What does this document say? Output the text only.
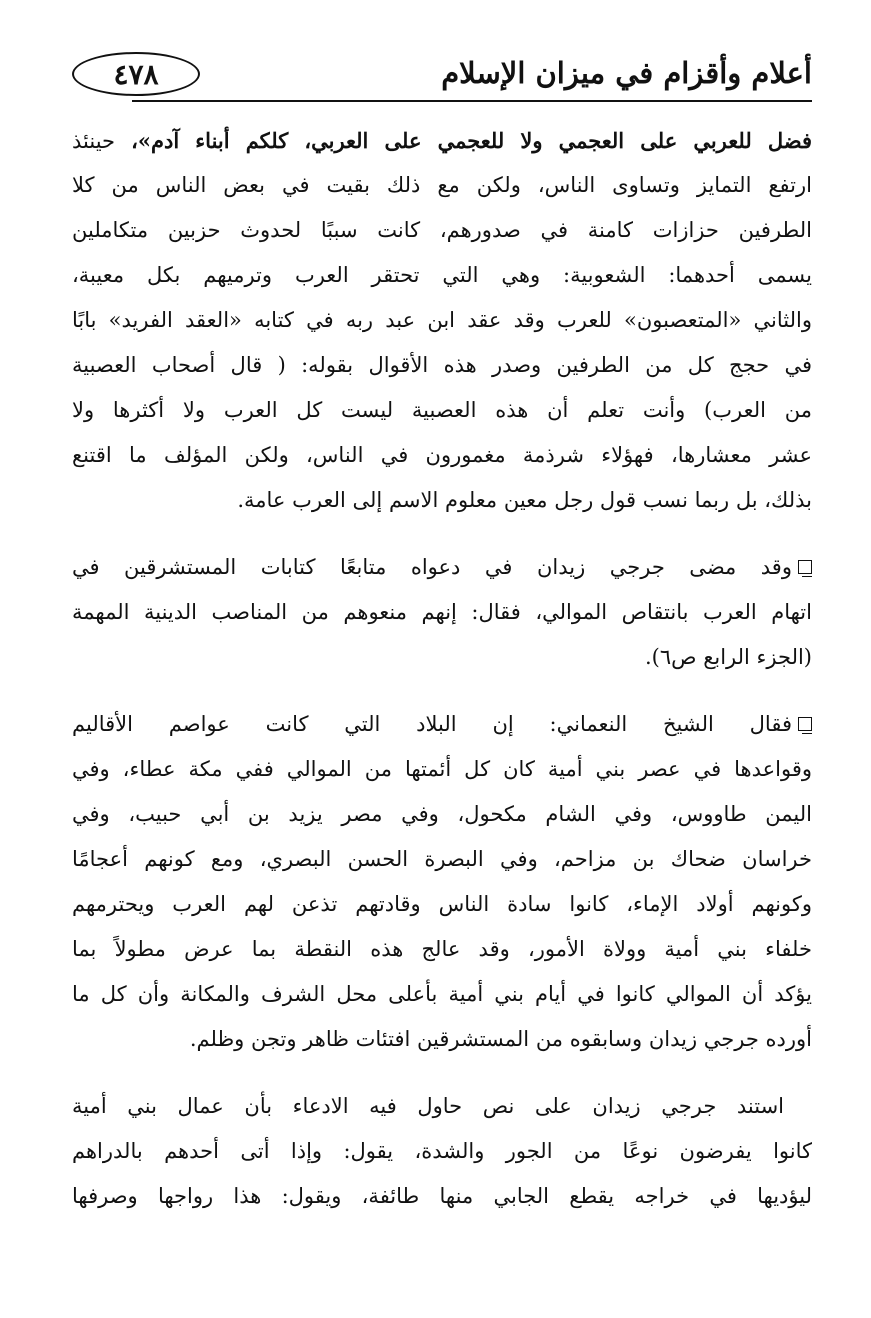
أعلام وأقزام في ميزان الإسلام
٤٧٨
فضل للعربي على العجمي ولا للعجمي على العربي، كلكم أبناء آدم»، حينئذ
ارتفع التمايز وتساوى الناس، ولكن مع ذلك بقيت في بعض الناس من كلا
الطرفين حزازات كامنة في صدورهم، كانت سببًا لحدوث حزبين متكاملين
يسمى أحدهما: الشعوبية: وهي التي تحتقر العرب وترميهم بكل معيبة،
والثاني «المتعصبون» للعرب وقد عقد ابن عبد ربه في كتابه «العقد الفريد» بابًا
في حجج كل من الطرفين وصدر هذه الأقوال بقوله: ( قال أصحاب العصبية
من العرب) وأنت تعلم أن هذه العصبية ليست كل العرب ولا أكثرها ولا
عشر معشارها، فهؤلاء شرذمة مغمورون في الناس، ولكن المؤلف ما اقتنع
بذلك، بل ربما نسب قول رجل معين معلوم الاسم إلى العرب عامة.
وقد مضى جرجي زيدان في دعواه متابعًا كتابات المستشرقين في
اتهام العرب بانتقاص الموالي، فقال: إنهم منعوهم من المناصب الدينية المهمة
(الجزء الرابع ص٦).
فقال الشيخ النعماني: إن البلاد التي كانت عواصم الأقاليم
وقواعدها في عصر بني أمية كان كل أئمتها من الموالي ففي مكة عطاء، وفي
اليمن طاووس، وفي الشام مكحول، وفي مصر يزيد بن أبي حبيب، وفي
خراسان ضحاك بن مزاحم، وفي البصرة الحسن البصري، ومع كونهم أعجامًا
وكونهم أولاد الإماء، كانوا سادة الناس وقادتهم تذعن لهم العرب ويحترمهم
خلفاء بني أمية وولاة الأمور، وقد عالج هذه النقطة بما عرض مطولاً بما
يؤكد أن الموالي كانوا في أيام بني أمية بأعلى محل الشرف والمكانة وأن كل ما
أورده جرجي زيدان وسابقوه من المستشرقين افتئات ظاهر وتجن وظلم.
استند جرجي زيدان على نص حاول فيه الادعاء بأن عمال بني أمية
كانوا يفرضون نوعًا من الجور والشدة، يقول: وإذا أتى أحدهم بالدراهم
ليؤديها في خراجه يقطع الجابي منها طائفة، ويقول: هذا رواجها وصرفها
